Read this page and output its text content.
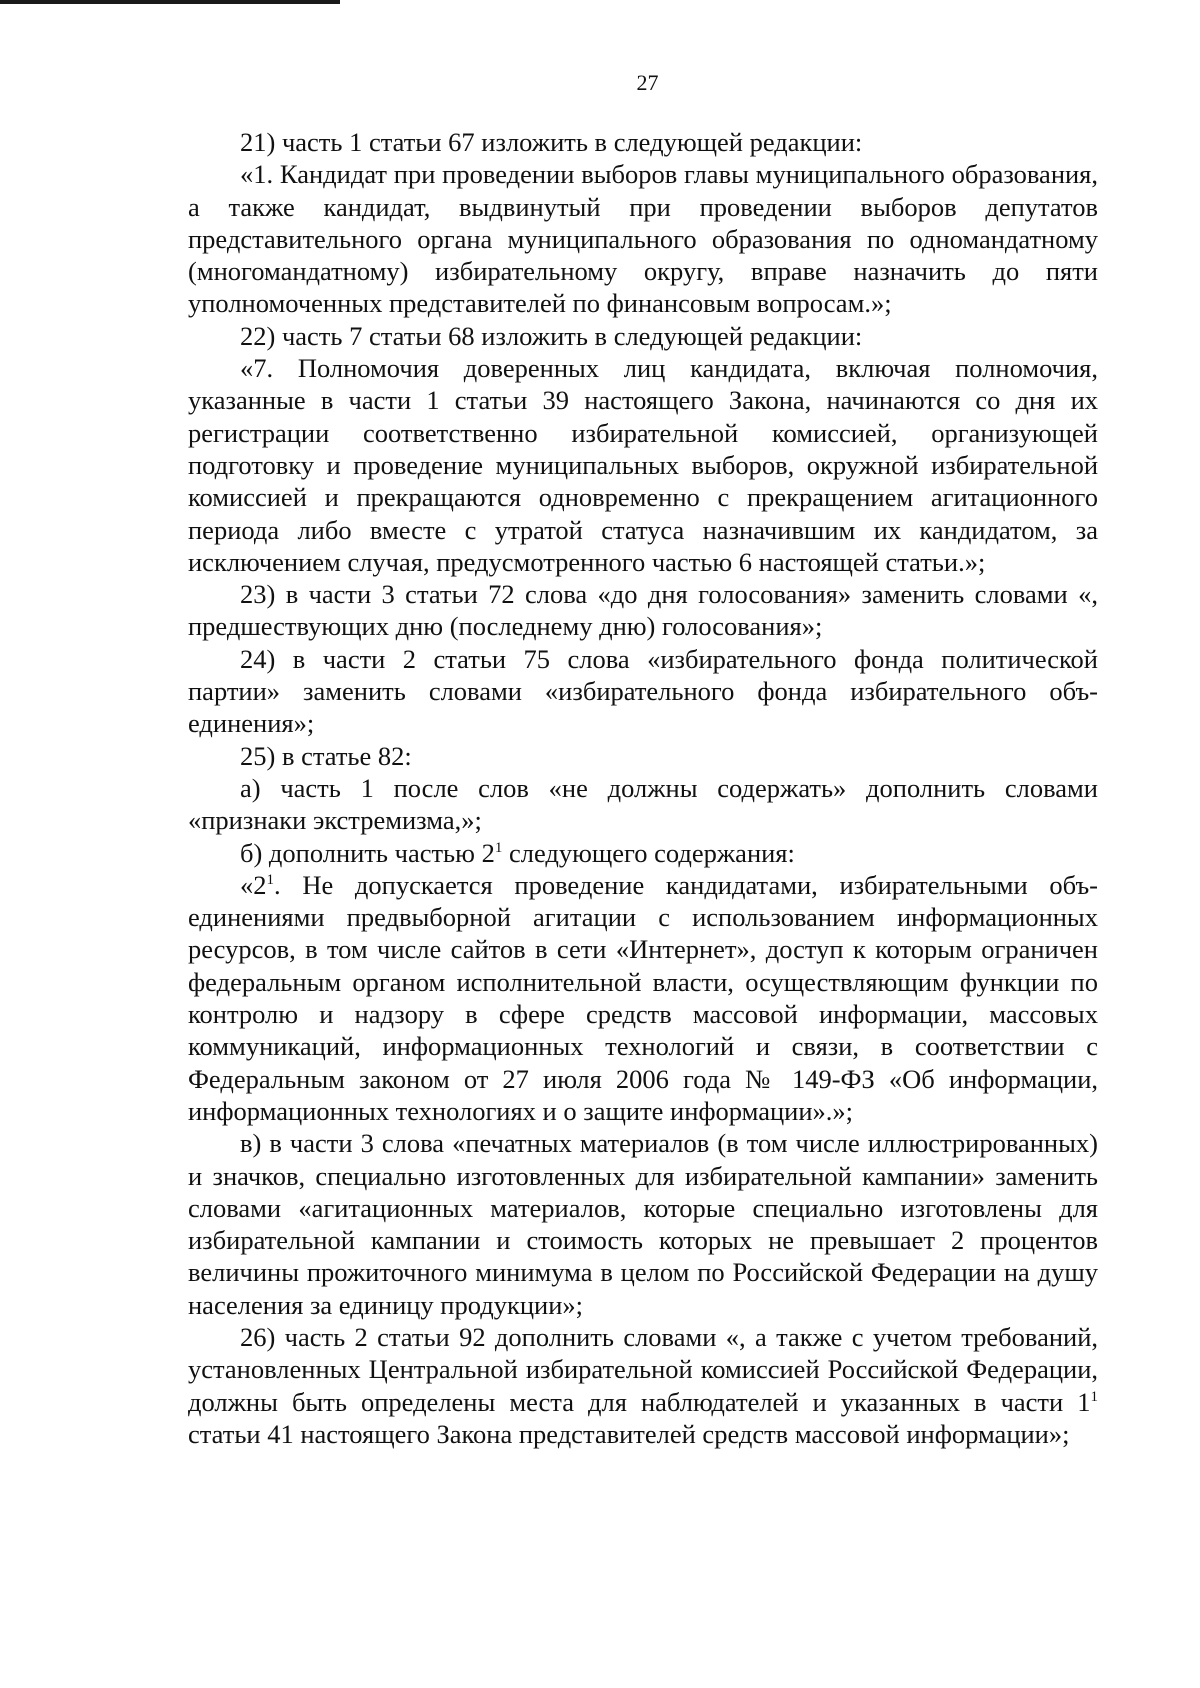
27

21) часть 1 статьи 67 изложить в следующей редакции:

«1. Кандидат при проведении выборов главы муниципального образования, а также кандидат, выдвинутый при проведении выборов депутатов представительного органа муниципального образования по одномандатному (многомандатному) избирательному округу, вправе назначить до пяти уполномоченных представителей по финансовым вопросам.»;

22) часть 7 статьи 68 изложить в следующей редакции:

«7. Полномочия доверенных лиц кандидата, включая полномочия, указанные в части 1 статьи 39 настоящего Закона, начинаются со дня их регистрации соответственно избирательной комиссией, организующей подготовку и проведение муниципальных выборов, окружной избирательной комиссией и прекращаются одновременно с прекращением агитационного периода либо вместе с утратой статуса назначившим их кандидатом, за исключением случая, предусмотренного частью 6 настоящей статьи.»;

23) в части 3 статьи 72 слова «до дня голосования» заменить словами «, предшествующих дню (последнему дню) голосования»;

24) в части 2 статьи 75 слова «избирательного фонда политической партии» заменить словами «избирательного фонда избирательного объединения»;

25) в статье 82:

а) часть 1 после слов «не должны содержать» дополнить словами «признаки экстремизма,»;

б) дополнить частью $2^1$ следующего содержания:

«$2^1$. Не допускается проведение кандидатами, избирательными объединениями предвыборной агитации с использованием информационных ресурсов, в том числе сайтов в сети «Интернет», доступ к которым ограничен федеральным органом исполнительной власти, осуществляющим функции по контролю и надзору в сфере средств массовой информации, массовых коммуникаций, информационных технологий и связи, в соответствии с Федеральным законом от 27 июля 2006 года № 149-ФЗ «Об информации, информационных технологиях и о защите информации».»;

в) в части 3 слова «печатных материалов (в том числе иллюстрированных) и значков, специально изготовленных для избирательной кампании» заменить словами «агитационных материалов, которые специально изготовлены для избирательной кампании и стоимость которых не превышает 2 процентов величины прожиточного минимума в целом по Российской Федерации на душу населения за единицу продукции»;

26) часть 2 статьи 92 дополнить словами «, а также с учетом требований, установленных Центральной избирательной комиссией Российской Федерации, должны быть определены места для наблюдателей и указанных в части $1^1$ статьи 41 настоящего Закона представителей средств массовой информации»;
